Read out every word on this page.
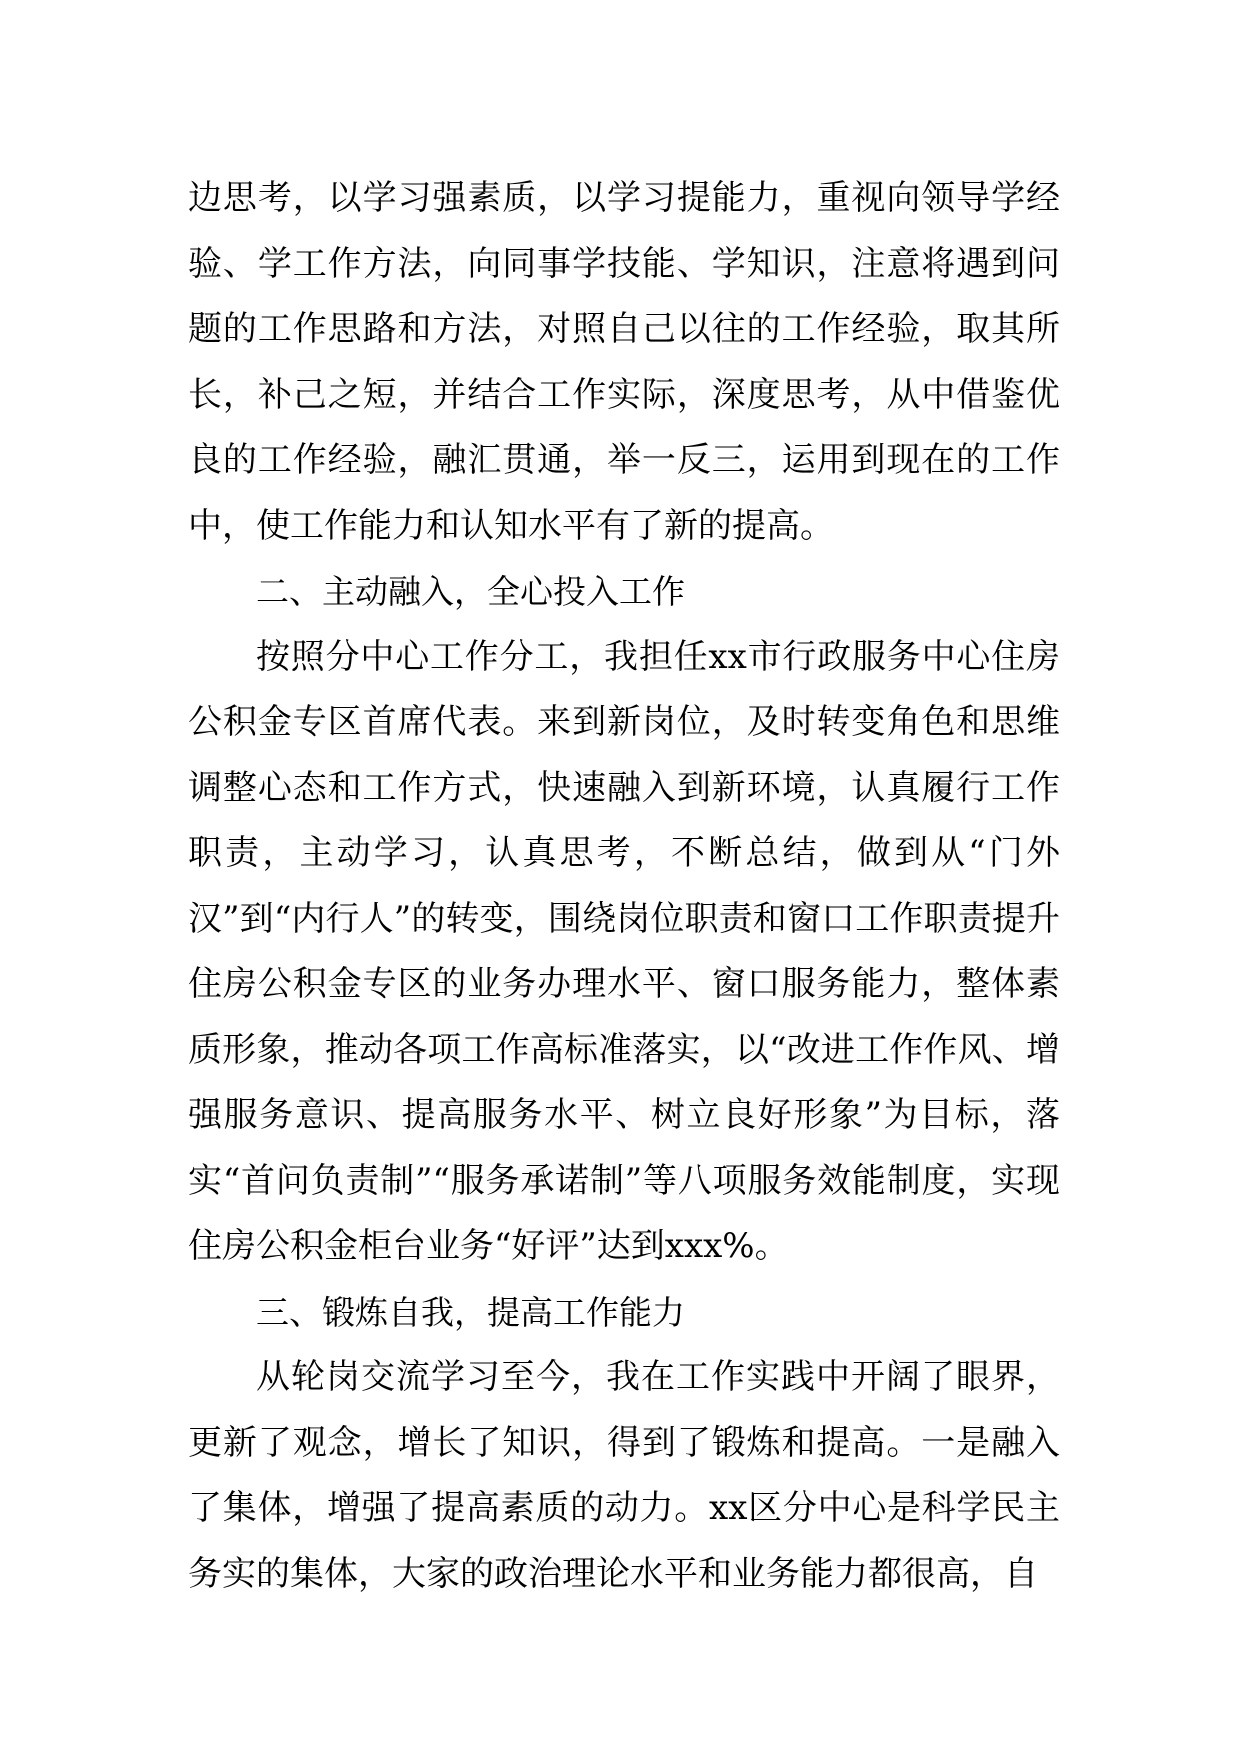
边思考，以学习强素质，以学习提能力，重视向领导学经验、学工作方法，向同事学技能、学知识，注意将遇到问题的工作思路和方法，对照自己以往的工作经验，取其所长，补己之短，并结合工作实际，深度思考，从中借鉴优良的工作经验，融汇贯通，举一反三，运用到现在的工作中，使工作能力和认知水平有了新的提高。

二、主动融入，全心投入工作

按照分中心工作分工，我担任xx市行政服务中心住房公积金专区首席代表。来到新岗位，及时转变角色和思维调整心态和工作方式，快速融入到新环境，认真履行工作职责，主动学习，认真思考，不断总结，做到从“门外汉”到“内行人”的转变，围绕岗位职责和窗口工作职责提升住房公积金专区的业务办理水平、窗口服务能力，整体素质形象，推动各项工作高标准落实，以“改进工作作风、增强服务意识、提高服务水平、树立良好形象”为目标，落实“首问负责制”“服务承诺制”等八项服务效能制度，实现住房公积金柜台业务“好评”达到xxx%。

三、锻炼自我，提高工作能力

从轮岗交流学习至今，我在工作实践中开阔了眼界，更新了观念，增长了知识，得到了锻炼和提高。一是融入了集体，增强了提高素质的动力。xx区分中心是科学民主务实的集体，大家的政治理论水平和业务能力都很高，自
